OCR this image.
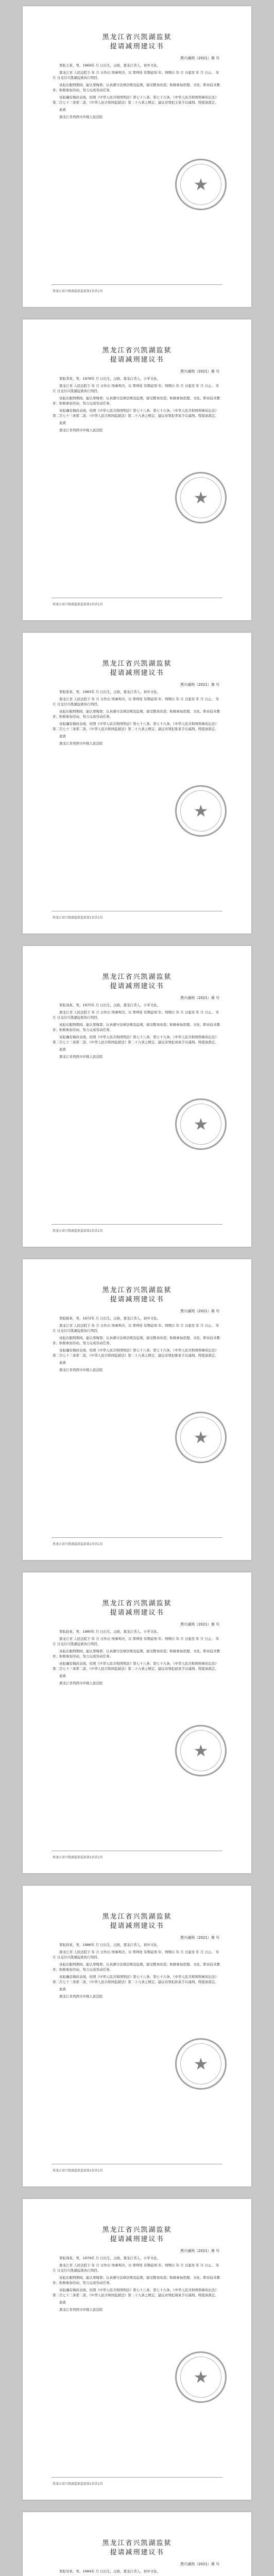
黑龙江省兴凯湖监狱
提请减刑建议书
黑兴减刑（2021）第 号

罪犯王某，男，1969年 月 日出生，汉族，黑龙江省人，初中文化。

黑龙江省 人民法院于 年 月 日作出 刑事判决，以 罪判处 有期徒刑 年。刑期自 年 月 日起至 年 月 日止。 年 月 日交付兴凯湖监狱执行刑罚。

该犯在服刑期间，能认罪悔罪；认真遵守法律法规及监规，接受教育改造；积极参加思想、文化、职业技术教育；积极参加劳动，努力完成劳动任务。

该犯确有悔改表现，依照《中华人民共和国刑法》第七十八条、第七十九条，《中华人民共和国刑事诉讼法》第二百七十三条第二款，《中华人民共和国监狱法》第二十九条之规定，建议对罪犯王某予以减刑。特提请裁定。

此致

黑龙江省鸡西市中级人民法院

★
黑龙江省兴凯湖监狱监狱第1页共1页
黑龙江省兴凯湖监狱
提请减刑建议书
黑兴减刑（2021）第 号

罪犯李某，男，1978年 月 日出生，汉族，黑龙江省人，小学文化。

黑龙江省 人民法院于 年 月 日作出 刑事判决，以 罪判处 有期徒刑 年。刑期自 年 月 日起至 年 月 日止。 年 月 日交付兴凯湖监狱执行刑罚。

该犯在服刑期间，能认罪悔罪；认真遵守法律法规及监规，接受教育改造；积极参加思想、文化、职业技术教育；积极参加劳动，努力完成劳动任务。

该犯确有悔改表现，依照《中华人民共和国刑法》第七十八条、第七十九条，《中华人民共和国刑事诉讼法》第二百七十三条第二款，《中华人民共和国监狱法》第二十九条之规定，建议对罪犯李某予以减刑。特提请裁定。

此致

黑龙江省鸡西市中级人民法院

★
黑龙江省兴凯湖监狱监狱第1页共1页
黑龙江省兴凯湖监狱
提请减刑建议书
黑兴减刑（2021）第 号

罪犯张某，男，1983年 月 日出生，汉族，黑龙江省人，初中文化。

黑龙江省 人民法院于 年 月 日作出 刑事判决，以 罪判处 有期徒刑 年。刑期自 年 月 日起至 年 月 日止。 年 月 日交付兴凯湖监狱执行刑罚。

该犯在服刑期间，能认罪悔罪；认真遵守法律法规及监规，接受教育改造；积极参加思想、文化、职业技术教育；积极参加劳动，努力完成劳动任务。

该犯确有悔改表现，依照《中华人民共和国刑法》第七十八条、第七十九条，《中华人民共和国刑事诉讼法》第二百七十三条第二款，《中华人民共和国监狱法》第二十九条之规定，建议对罪犯张某予以减刑。特提请裁定。

此致

黑龙江省鸡西市中级人民法院

★
黑龙江省兴凯湖监狱监狱第1页共1页
黑龙江省兴凯湖监狱
提请减刑建议书
黑兴减刑（2021）第 号

罪犯刘某，男，1975年 月 日出生，汉族，黑龙江省人，小学文化。

黑龙江省 人民法院于 年 月 日作出 刑事判决，以 罪判处 有期徒刑 年。刑期自 年 月 日起至 年 月 日止。 年 月 日交付兴凯湖监狱执行刑罚。

该犯在服刑期间，能认罪悔罪；认真遵守法律法规及监规，接受教育改造；积极参加思想、文化、职业技术教育；积极参加劳动，努力完成劳动任务。

该犯确有悔改表现，依照《中华人民共和国刑法》第七十八条、第七十九条，《中华人民共和国刑事诉讼法》第二百七十三条第二款，《中华人民共和国监狱法》第二十九条之规定，建议对罪犯刘某予以减刑。特提请裁定。

此致

黑龙江省鸡西市中级人民法院

★
黑龙江省兴凯湖监狱监狱第1页共1页
黑龙江省兴凯湖监狱
提请减刑建议书
黑兴减刑（2021）第 号

罪犯陈某，男，1972年 月 日出生，汉族，黑龙江省人，初中文化。

黑龙江省 人民法院于 年 月 日作出 刑事判决，以 罪判处 有期徒刑 年。刑期自 年 月 日起至 年 月 日止。 年 月 日交付兴凯湖监狱执行刑罚。

该犯在服刑期间，能认罪悔罪；认真遵守法律法规及监规，接受教育改造；积极参加思想、文化、职业技术教育；积极参加劳动，努力完成劳动任务。

该犯确有悔改表现，依照《中华人民共和国刑法》第七十八条、第七十九条，《中华人民共和国刑事诉讼法》第二百七十三条第二款，《中华人民共和国监狱法》第二十九条之规定，建议对罪犯陈某予以减刑。特提请裁定。

此致

黑龙江省鸡西市中级人民法院

★
黑龙江省兴凯湖监狱监狱第1页共1页
黑龙江省兴凯湖监狱
提请减刑建议书
黑兴减刑（2021）第 号

罪犯赵某，男，1980年 月 日出生，汉族，黑龙江省人，小学文化。

黑龙江省 人民法院于 年 月 日作出 刑事判决，以 罪判处 有期徒刑 年。刑期自 年 月 日起至 年 月 日止。 年 月 日交付兴凯湖监狱执行刑罚。

该犯在服刑期间，能认罪悔罪；认真遵守法律法规及监规，接受教育改造；积极参加思想、文化、职业技术教育；积极参加劳动，努力完成劳动任务。

该犯确有悔改表现，依照《中华人民共和国刑法》第七十八条、第七十九条，《中华人民共和国刑事诉讼法》第二百七十三条第二款，《中华人民共和国监狱法》第二十九条之规定，建议对罪犯赵某予以减刑。特提请裁定。

此致

黑龙江省鸡西市中级人民法院

★
黑龙江省兴凯湖监狱监狱第1页共1页
黑龙江省兴凯湖监狱
提请减刑建议书
黑兴减刑（2021）第 号

罪犯孙某，男，1986年 月 日出生，汉族，黑龙江省人，初中文化。

黑龙江省 人民法院于 年 月 日作出 刑事判决，以 罪判处 有期徒刑 年。刑期自 年 月 日起至 年 月 日止。 年 月 日交付兴凯湖监狱执行刑罚。

该犯在服刑期间，能认罪悔罪；认真遵守法律法规及监规，接受教育改造；积极参加思想、文化、职业技术教育；积极参加劳动，努力完成劳动任务。

该犯确有悔改表现，依照《中华人民共和国刑法》第七十八条、第七十九条，《中华人民共和国刑事诉讼法》第二百七十三条第二款，《中华人民共和国监狱法》第二十九条之规定，建议对罪犯孙某予以减刑。特提请裁定。

此致

黑龙江省鸡西市中级人民法院

★
黑龙江省兴凯湖监狱监狱第1页共1页
黑龙江省兴凯湖监狱
提请减刑建议书
黑兴减刑（2021）第 号

罪犯周某，男，1979年 月 日出生，汉族，黑龙江省人，小学文化。

黑龙江省 人民法院于 年 月 日作出 刑事判决，以 罪判处 有期徒刑 年。刑期自 年 月 日起至 年 月 日止。 年 月 日交付兴凯湖监狱执行刑罚。

该犯在服刑期间，能认罪悔罪；认真遵守法律法规及监规，接受教育改造；积极参加思想、文化、职业技术教育；积极参加劳动，努力完成劳动任务。

该犯确有悔改表现，依照《中华人民共和国刑法》第七十八条、第七十九条，《中华人民共和国刑事诉讼法》第二百七十三条第二款，《中华人民共和国监狱法》第二十九条之规定，建议对罪犯周某予以减刑。特提请裁定。

此致

黑龙江省鸡西市中级人民法院

★
黑龙江省兴凯湖监狱监狱第1页共1页
黑龙江省兴凯湖监狱
提请减刑建议书
黑兴减刑（2021）第 号

罪犯吴某，男，1984年 月 日出生，汉族，黑龙江省人，初中文化。
